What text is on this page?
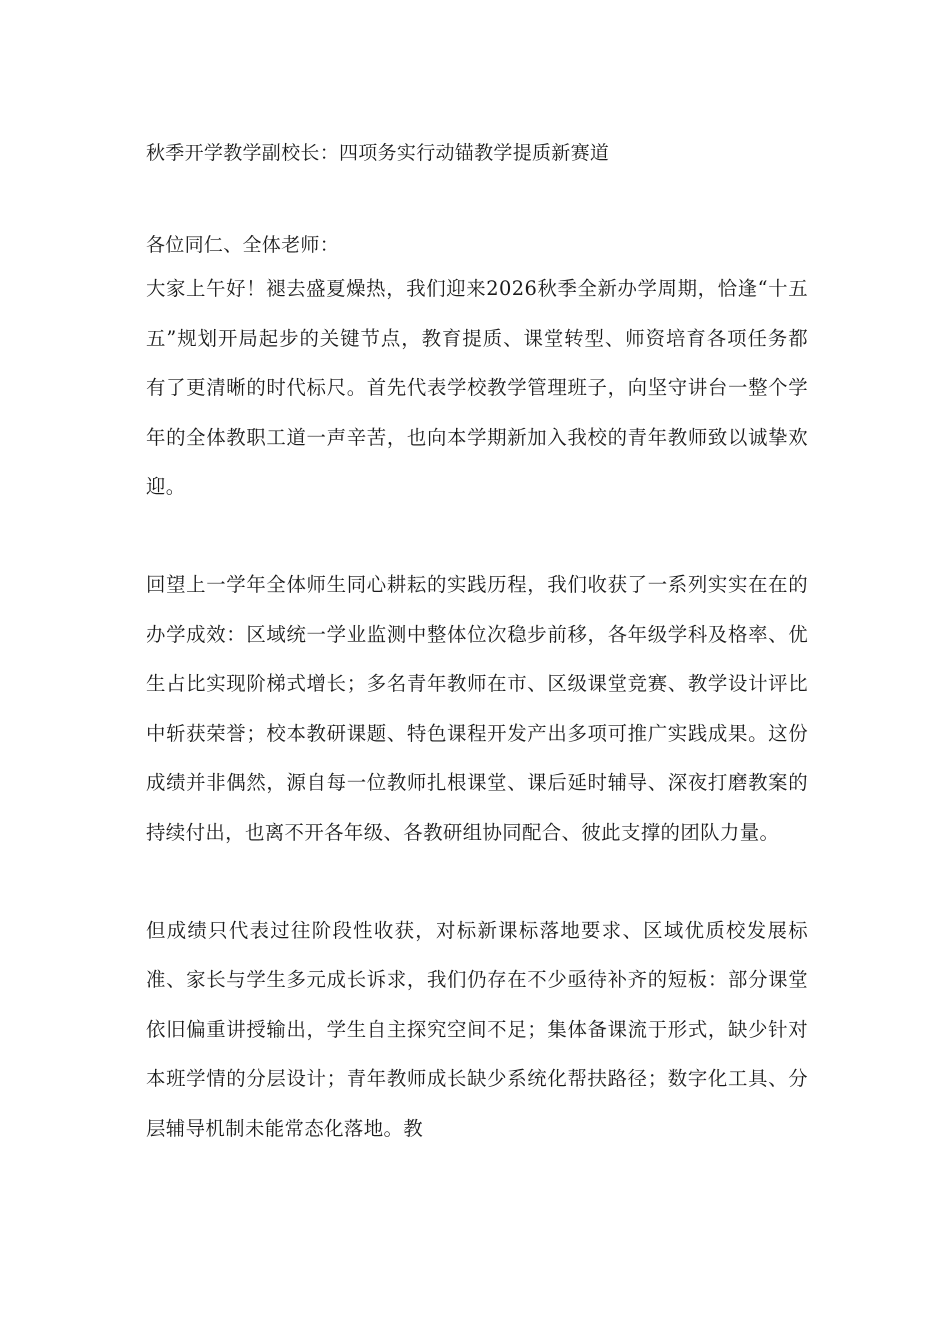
秋季开学教学副校长：四项务实行动锚教学提质新赛道

各位同仁、全体老师：

大家上午好！褪去盛夏燥热，我们迎来2026秋季全新办学周期，恰逢“十五五”规划开局起步的关键节点，教育提质、课堂转型、师资培育各项任务都有了更清晰的时代标尺。首先代表学校教学管理班子，向坚守讲台一整个学年的全体教职工道一声辛苦，也向本学期新加入我校的青年教师致以诚挚欢迎。

回望上一学年全体师生同心耕耘的实践历程，我们收获了一系列实实在在的办学成效：区域统一学业监测中整体位次稳步前移，各年级学科及格率、优生占比实现阶梯式增长；多名青年教师在市、区级课堂竞赛、教学设计评比中斩获荣誉；校本教研课题、特色课程开发产出多项可推广实践成果。这份成绩并非偶然，源自每一位教师扎根课堂、课后延时辅导、深夜打磨教案的持续付出，也离不开各年级、各教研组协同配合、彼此支撑的团队力量。

但成绩只代表过往阶段性收获，对标新课标落地要求、区域优质校发展标准、家长与学生多元成长诉求，我们仍存在不少亟待补齐的短板：部分课堂依旧偏重讲授输出，学生自主探究空间不足；集体备课流于形式，缺少针对本班学情的分层设计；青年教师成长缺少系统化帮扶路径；数字化工具、分层辅导机制未能常态化落地。教
